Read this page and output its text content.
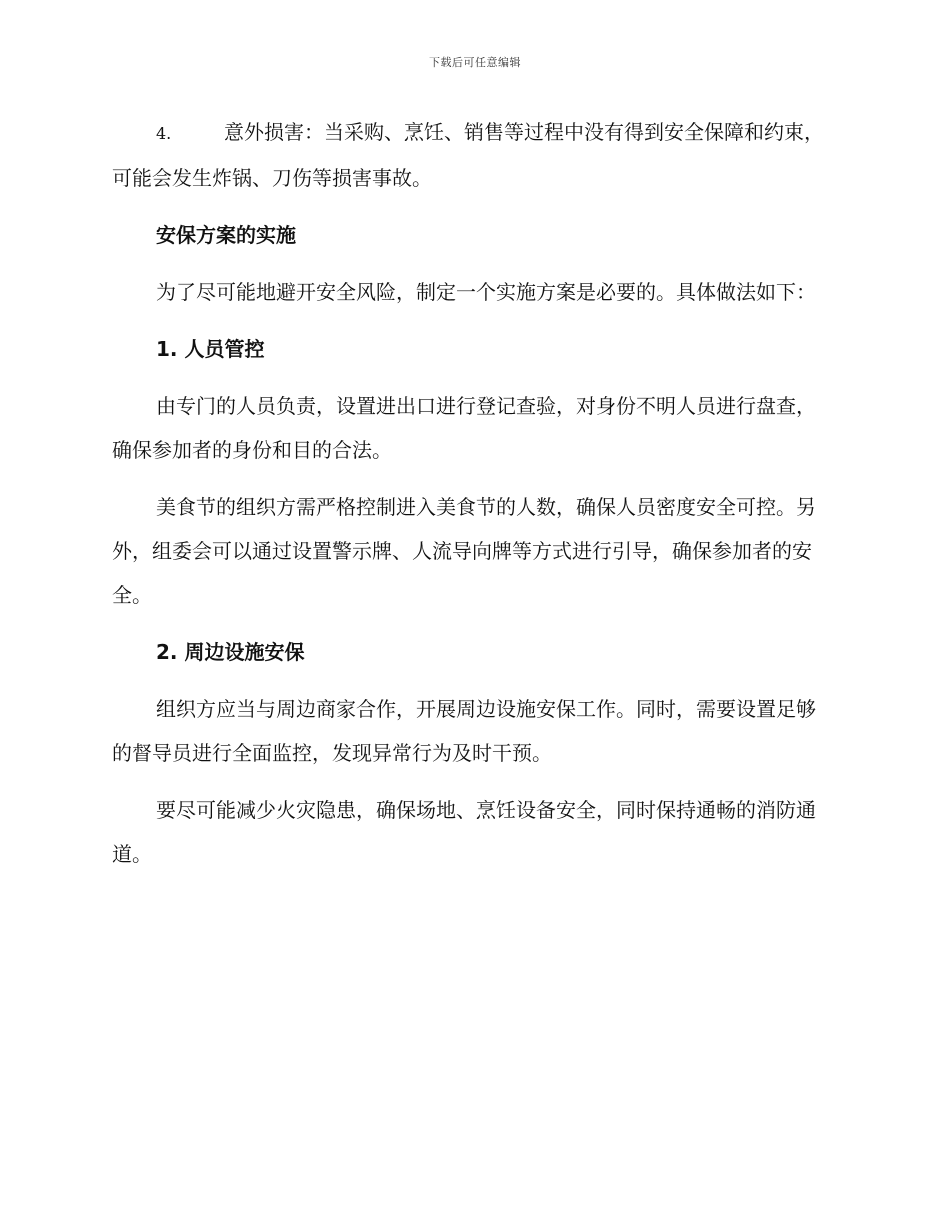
下载后可任意编辑

4.	意外损害：当采购、烹饪、销售等过程中没有得到安全保障和约束，可能会发生炸锅、刀伤等损害事故。

安保方案的实施

为了尽可能地避开安全风险，制定一个实施方案是必要的。具体做法如下：

1. 人员管控

由专门的人员负责，设置进出口进行登记查验，对身份不明人员进行盘查，确保参加者的身份和目的合法。

美食节的组织方需严格控制进入美食节的人数，确保人员密度安全可控。另外，组委会可以通过设置警示牌、人流导向牌等方式进行引导，确保参加者的安全。

2. 周边设施安保

组织方应当与周边商家合作，开展周边设施安保工作。同时，需要设置足够的督导员进行全面监控，发现异常行为及时干预。

要尽可能减少火灾隐患，确保场地、烹饪设备安全，同时保持通畅的消防通道。
